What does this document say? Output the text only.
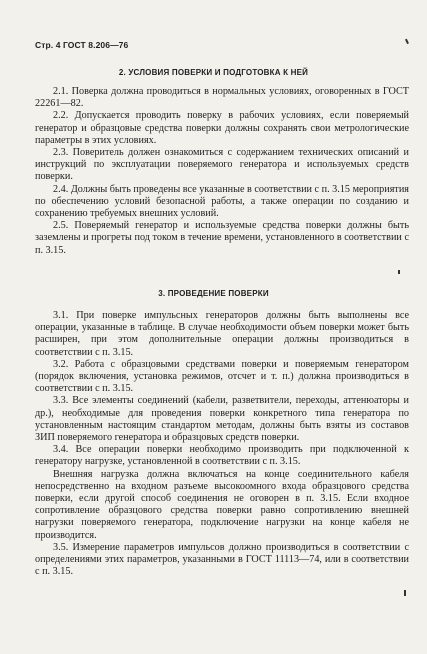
Стр. 4 ГОСТ 8.206—76
2. УСЛОВИЯ ПОВЕРКИ И ПОДГОТОВКА К НЕЙ

2.1. Поверка должна проводиться в нормальных условиях, оговоренных в ГОСТ 22261—82.

2.2. Допускается проводить поверку в рабочих условиях, если поверяемый генератор и образцовые средства поверки должны сохранять свои метрологические параметры в этих условиях.

2.3. Поверитель должен ознакомиться с содержанием технических описаний и инструкций по эксплуатации поверяемого генератора и используемых средств поверки.

2.4. Должны быть проведены все указанные в соответствии с п. 3.15 мероприятия по обеспечению условий безопасной работы, а также операции по созданию и сохранению требуемых внешних условий.

2.5. Поверяемый генератор и используемые средства поверки должны быть заземлены и прогреты под током в течение времени, установленного в соответствии с п. 3.15.

3. ПРОВЕДЕНИЕ ПОВЕРКИ

3.1. При поверке импульсных генераторов должны быть выполнены все операции, указанные в таблице. В случае необходимости объем поверки может быть расширен, при этом дополнительные операции должны производиться в соответствии с п. 3.15.

3.2. Работа с образцовыми средствами поверки и поверяемым генератором (порядок включения, установка режимов, отсчет и т. п.) должна производиться в соответствии с п. 3.15.

3.3. Все элементы соединений (кабели, разветвители, переходы, аттенюаторы и др.), необходимые для проведения поверки конкретного типа генератора по установленным настоящим стандартом методам, должны быть взяты из составов ЗИП поверяемого генератора и образцовых средств поверки.

3.4. Все операции поверки необходимо производить при подключенной к генератору нагрузке, установленной в соответствии с п. 3.15.

Внешняя нагрузка должна включаться на конце соединительного кабеля непосредственно на входном разъеме высокоомного входа образцового средства поверки, если другой способ соединения не оговорен в п. 3.15. Если входное сопротивление образцового средства поверки равно сопротивлению внешней нагрузки поверяемого генератора, подключение нагрузки на конце кабеля не производится.

3.5. Измерение параметров импульсов должно производиться в соответствии с определениями этих параметров, указанными в ГОСТ 11113—74, или в соответствии с п. 3.15.
